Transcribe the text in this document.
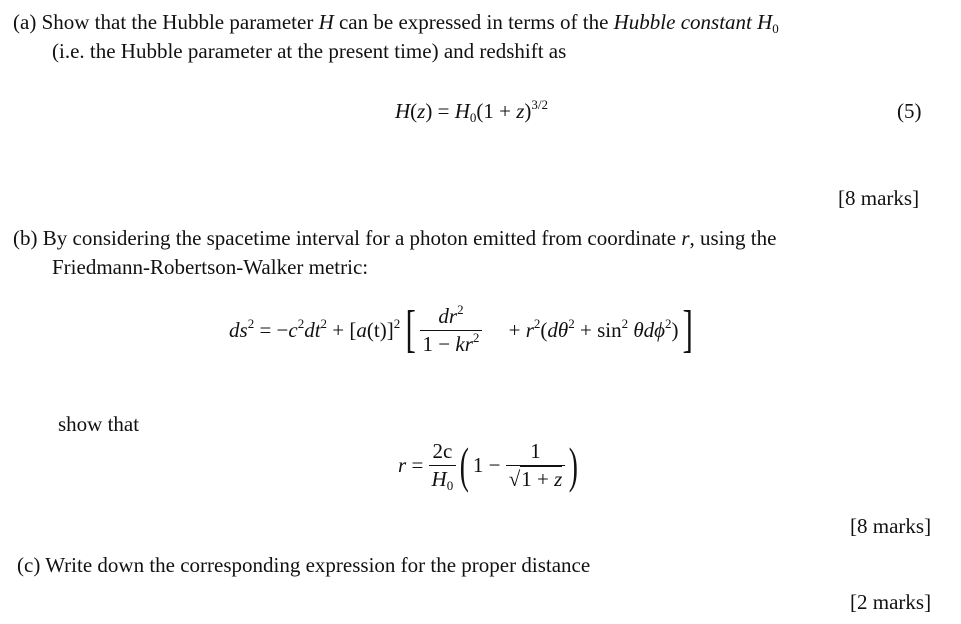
(a) Show that the Hubble parameter H can be expressed in terms of the Hubble constant $H_0$
(i.e. the Hubble parameter at the present time) and redshift as
$H(z) = H_0(1 + z)^{3/2}$	(5)
[8 marks]
(b) By considering the spacetime interval for a photon emitted from coordinate r, using the
Friedmann-Robertson-Walker metric:
$ds^2 = -c^2dt^2 + [a(t)]^2$ [ $\frac{dr^2}{1 - kr^2}$	+ $r^2(d\theta^2 + \sin^2 \theta d\phi^2)$
]
show that
$r = \frac{2c}{H_0}$ ( $1 - \frac{1}{√1 + z}$ )
[8 marks]
(c) Write down the corresponding expression for the proper distance
[2 marks]
